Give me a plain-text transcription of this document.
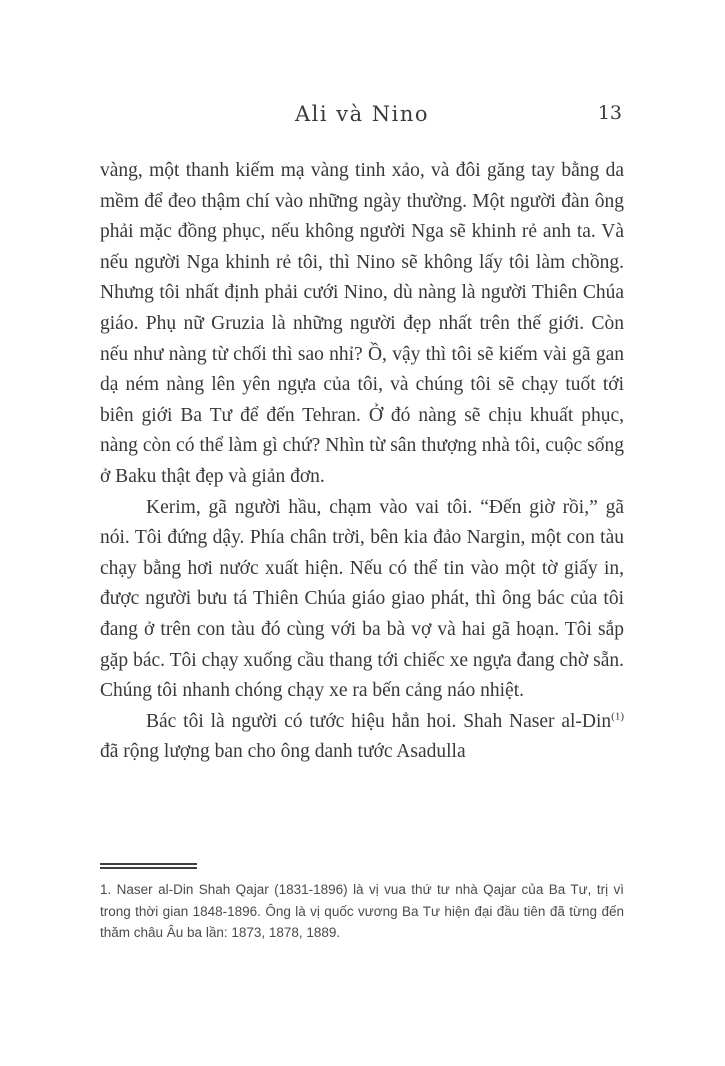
Ali và Nino	13

vàng, một thanh kiếm mạ vàng tinh xảo, và đôi găng tay bằng da mềm để đeo thậm chí vào những ngày thường. Một người đàn ông phải mặc đồng phục, nếu không người Nga sẽ khinh rẻ anh ta. Và nếu người Nga khinh rẻ tôi, thì Nino sẽ không lấy tôi làm chồng. Nhưng tôi nhất định phải cưới Nino, dù nàng là người Thiên Chúa giáo. Phụ nữ Gruzia là những người đẹp nhất trên thế giới. Còn nếu như nàng từ chối thì sao nhỉ? Ồ, vậy thì tôi sẽ kiếm vài gã gan dạ ném nàng lên yên ngựa của tôi, và chúng tôi sẽ chạy tuốt tới biên giới Ba Tư để đến Tehran. Ở đó nàng sẽ chịu khuất phục, nàng còn có thể làm gì chứ? Nhìn từ sân thượng nhà tôi, cuộc sống ở Baku thật đẹp và giản đơn.

Kerim, gã người hầu, chạm vào vai tôi. “Đến giờ rồi,” gã nói. Tôi đứng dậy. Phía chân trời, bên kia đảo Nargin, một con tàu chạy bằng hơi nước xuất hiện. Nếu có thể tin vào một tờ giấy in, được người bưu tá Thiên Chúa giáo giao phát, thì ông bác của tôi đang ở trên con tàu đó cùng với ba bà vợ và hai gã hoạn. Tôi sắp gặp bác. Tôi chạy xuống cầu thang tới chiếc xe ngựa đang chờ sẵn. Chúng tôi nhanh chóng chạy xe ra bến cảng náo nhiệt.

Bác tôi là người có tước hiệu hẳn hoi. Shah Naser al-Din$^{(1)}$ đã rộng lượng ban cho ông danh tước Asadulla

1. Naser al-Din Shah Qajar (1831-1896) là vị vua thứ tư nhà Qajar của Ba Tư, trị vì trong thời gian 1848-1896. Ông là vị quốc vương Ba Tư hiện đại đầu tiên đã từng đến thăm châu Âu ba lần: 1873, 1878, 1889.
